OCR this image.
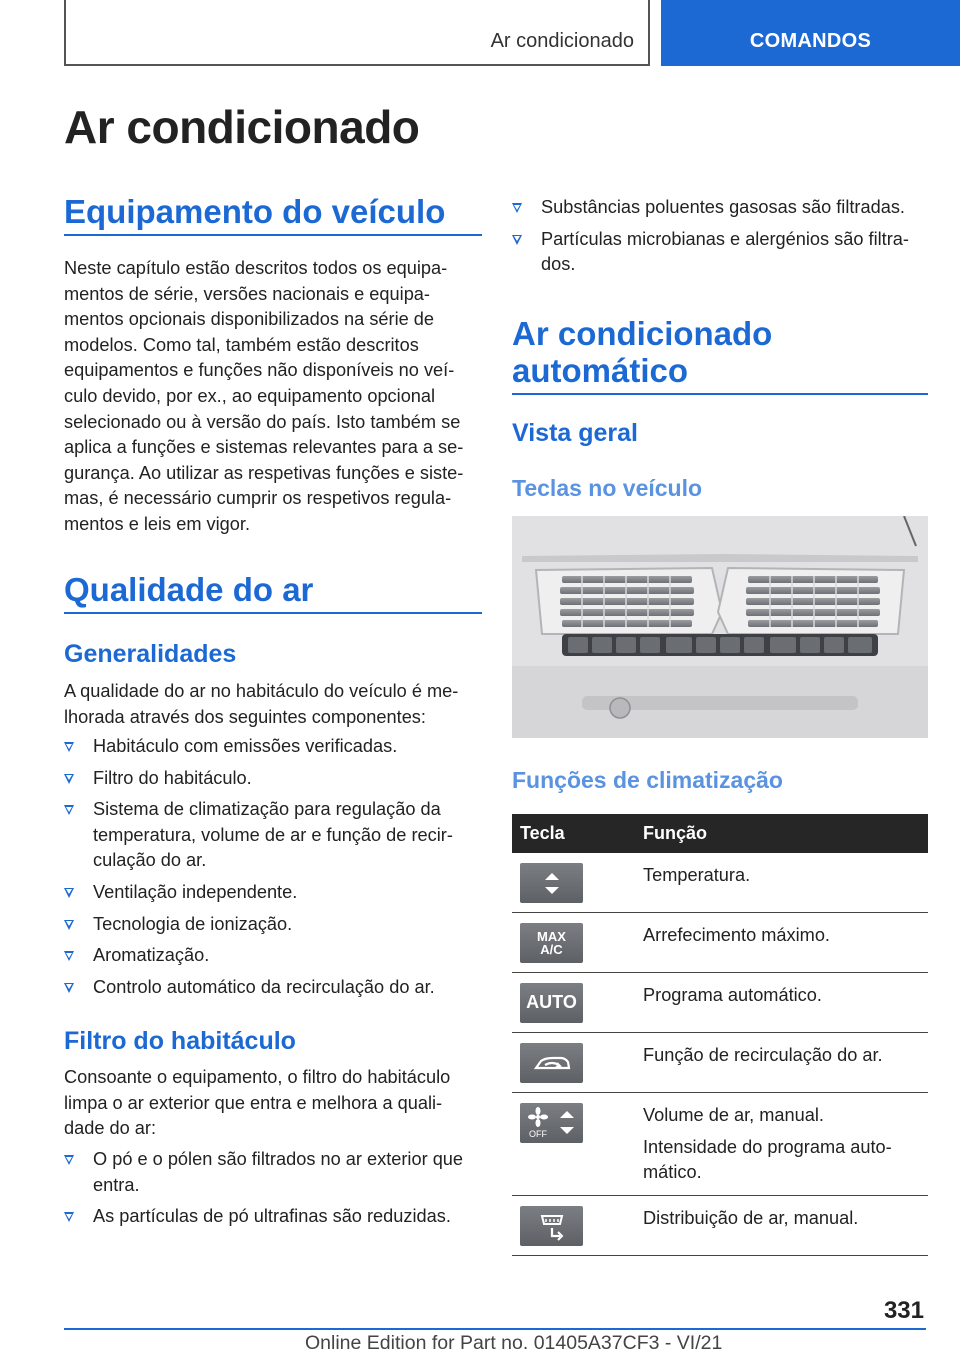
Ar condicionado	COMANDOS
Ar condicionado
Equipamento do veículo
Neste capítulo estão descritos todos os equipa-
mentos de série, versões nacionais e equipa-
mentos opcionais disponibilizados na série de
modelos. Como tal, também estão descritos
equipamentos e funções não disponíveis no veí-
culo devido, por ex., ao equipamento opcional
selecionado ou à versão do país. Isto também se
aplica a funções e sistemas relevantes para a se-
gurança. Ao utilizar as respetivas funções e siste-
mas, é necessário cumprir os respetivos regula-
mentos e leis em vigor.
Qualidade do ar
Generalidades
A qualidade do ar no habitáculo do veículo é me-
lhorada através dos seguintes componentes:
Habitáculo com emissões verificadas.
Filtro do habitáculo.
Sistema de climatização para regulação da
temperatura, volume de ar e função de recir-
culação do ar.
Ventilação independente.
Tecnologia de ionização.
Aromatização.
Controlo automático da recirculação do ar.
Filtro do habitáculo
Consoante o equipamento, o filtro do habitáculo
limpa o ar exterior que entra e melhora a quali-
dade do ar:
O pó e o pólen são filtrados no ar exterior que
entra.
As partículas de pó ultrafinas são reduzidas.
Substâncias poluentes gasosas são filtradas.
Partículas microbianas e alergénios são filtra-
dos.
Ar condicionado
automático
Vista geral
Teclas no veículo
Funções de climatização
Tecla	Função

Temperatura.

MAX
A/C	Arrefecimento máximo.

AUTO	Programa automático.

Função de recirculação do ar.

OFF	Volume de ar, manual.

Intensidade do programa auto-
mático.

Distribuição de ar, manual.

331
Online Edition for Part no. 01405A37CF3 - VI/21
